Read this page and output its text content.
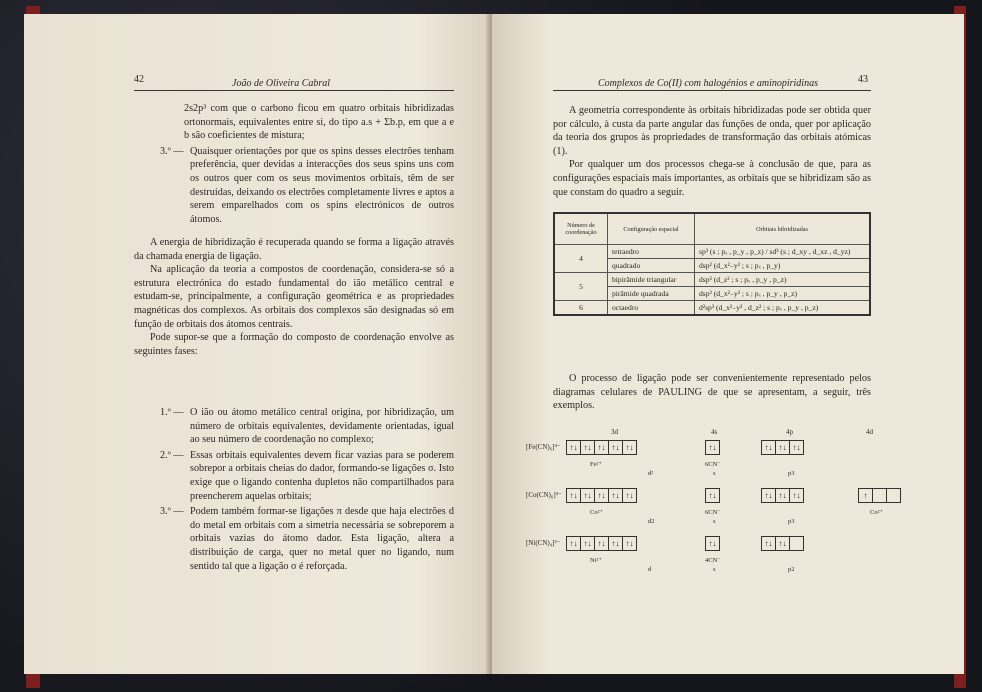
42	João de Oliveira Cabral

2s2p³ com que o carbono ficou em quatro orbitais hibridizadas ortonormais, equivalentes entre si, do tipo a.s + Σb.p, em que a e b são coeficientes de mistura;

3.º — Quaisquer orientações por que os spins desses electrões tenham preferência, quer devidas a interacções dos seus spins uns com os outros quer com os seus movimentos orbitais, têm de ser destruídas, deixando os electrões completamente livres e aptos a serem emparelhados com os spins electrónicos de outros átomos.

A energia de hibridização é recuperada quando se forma a ligação através da chamada energia de ligação.

Na aplicação da teoria a compostos de coordenação, considera-se só a estrutura electrónica do estado fundamental do ião metálico central e estudam-se, principalmente, a configuração geométrica e as propriedades magnéticas dos complexos. As orbitais dos complexos são designadas só em função de orbitais dos átomos centrais.

Pode supor-se que a formação do composto de coordenação envolve as seguintes fases:

1.º — O ião ou átomo metálico central origina, por hibridização, um número de orbitais equivalentes, devidamente orientadas, igual ao seu número de coordenação no complexo;
2.º — Essas orbitais equivalentes devem ficar vazias para se poderem sobrepor a orbitais cheias do dador, formando-se ligações σ. Isto exige que o ligando contenha dupletos não compartilhados para preencherem aquelas orbitais;
3.º — Podem também formar-se ligações π desde que haja electrões d do metal em orbitais com a simetria necessária se sobreporem a orbitais vazias do átomo dador. Esta ligação, altera a distribuição de carga, quer no metal quer no ligando, num sentido tal que a ligação σ é reforçada.
Complexos de Co(II) com halogénios e aminopiridinas	43

A geometria correspondente às orbitais hibridizadas pode ser obtida quer por cálculo, à custa da parte angular das funções de onda, quer por aplicação da teoria dos grupos às propriedades de transformação das orbitais atómicas (1).

Por qualquer um dos processos chega-se à conclusão de que, para as configurações espaciais mais importantes, as orbitais que se hibridizam são as que constam do quadro a seguir.

Número de coordenação	Configuração espacial	Orbitais hibridizadas
4	tetraedro	sp³ (s ; pₓ , p_y , p_z) / sd³ (s ; d_xy , d_xz , d_yz)
	quadrado	dsp² (d_x²₋y² ; s ; pₓ , p_y)
5	bipirâmide triangular	dsp³ (d_z² ; s ; pₓ , p_y , p_z)
	pirâmide quadrada	dsp³ (d_x²₋y² ; s ; pₓ , p_y , p_z)
6	octaedro	d²sp³ (d_x²₋y² , d_z² ; s ; pₓ , p_y , p_z)

O processo de ligação pode ser convenientemente representado pelos diagramas celulares de PAULING de que se apresentam, a seguir, três exemplos.

3d	4s	4p	4d
[Fe(CN)₆]⁴⁻	↑↓ ↑↓ ↑↓ ↑↓ ↑↓	↑↓	↑↓ ↑↓ ↑↓
Fe²⁺	6CN⁻
d²	s	p3
[Co(CN)₆]⁴⁻ ↑↓ ↑↓ ↑↓ ↑↓ ↑↓	↑↓	↑↓ ↑↓ ↑↓	↑
Co²⁺	6CN⁻
d2	s	p3
Co²⁺
[Ni(CN)₄]²⁻	↑↓ ↑↓ ↑↓ ↑↓ ↑↓	↑↓	↑↓ ↑↓
Ni²⁺	4CN⁻
d	s	p2
